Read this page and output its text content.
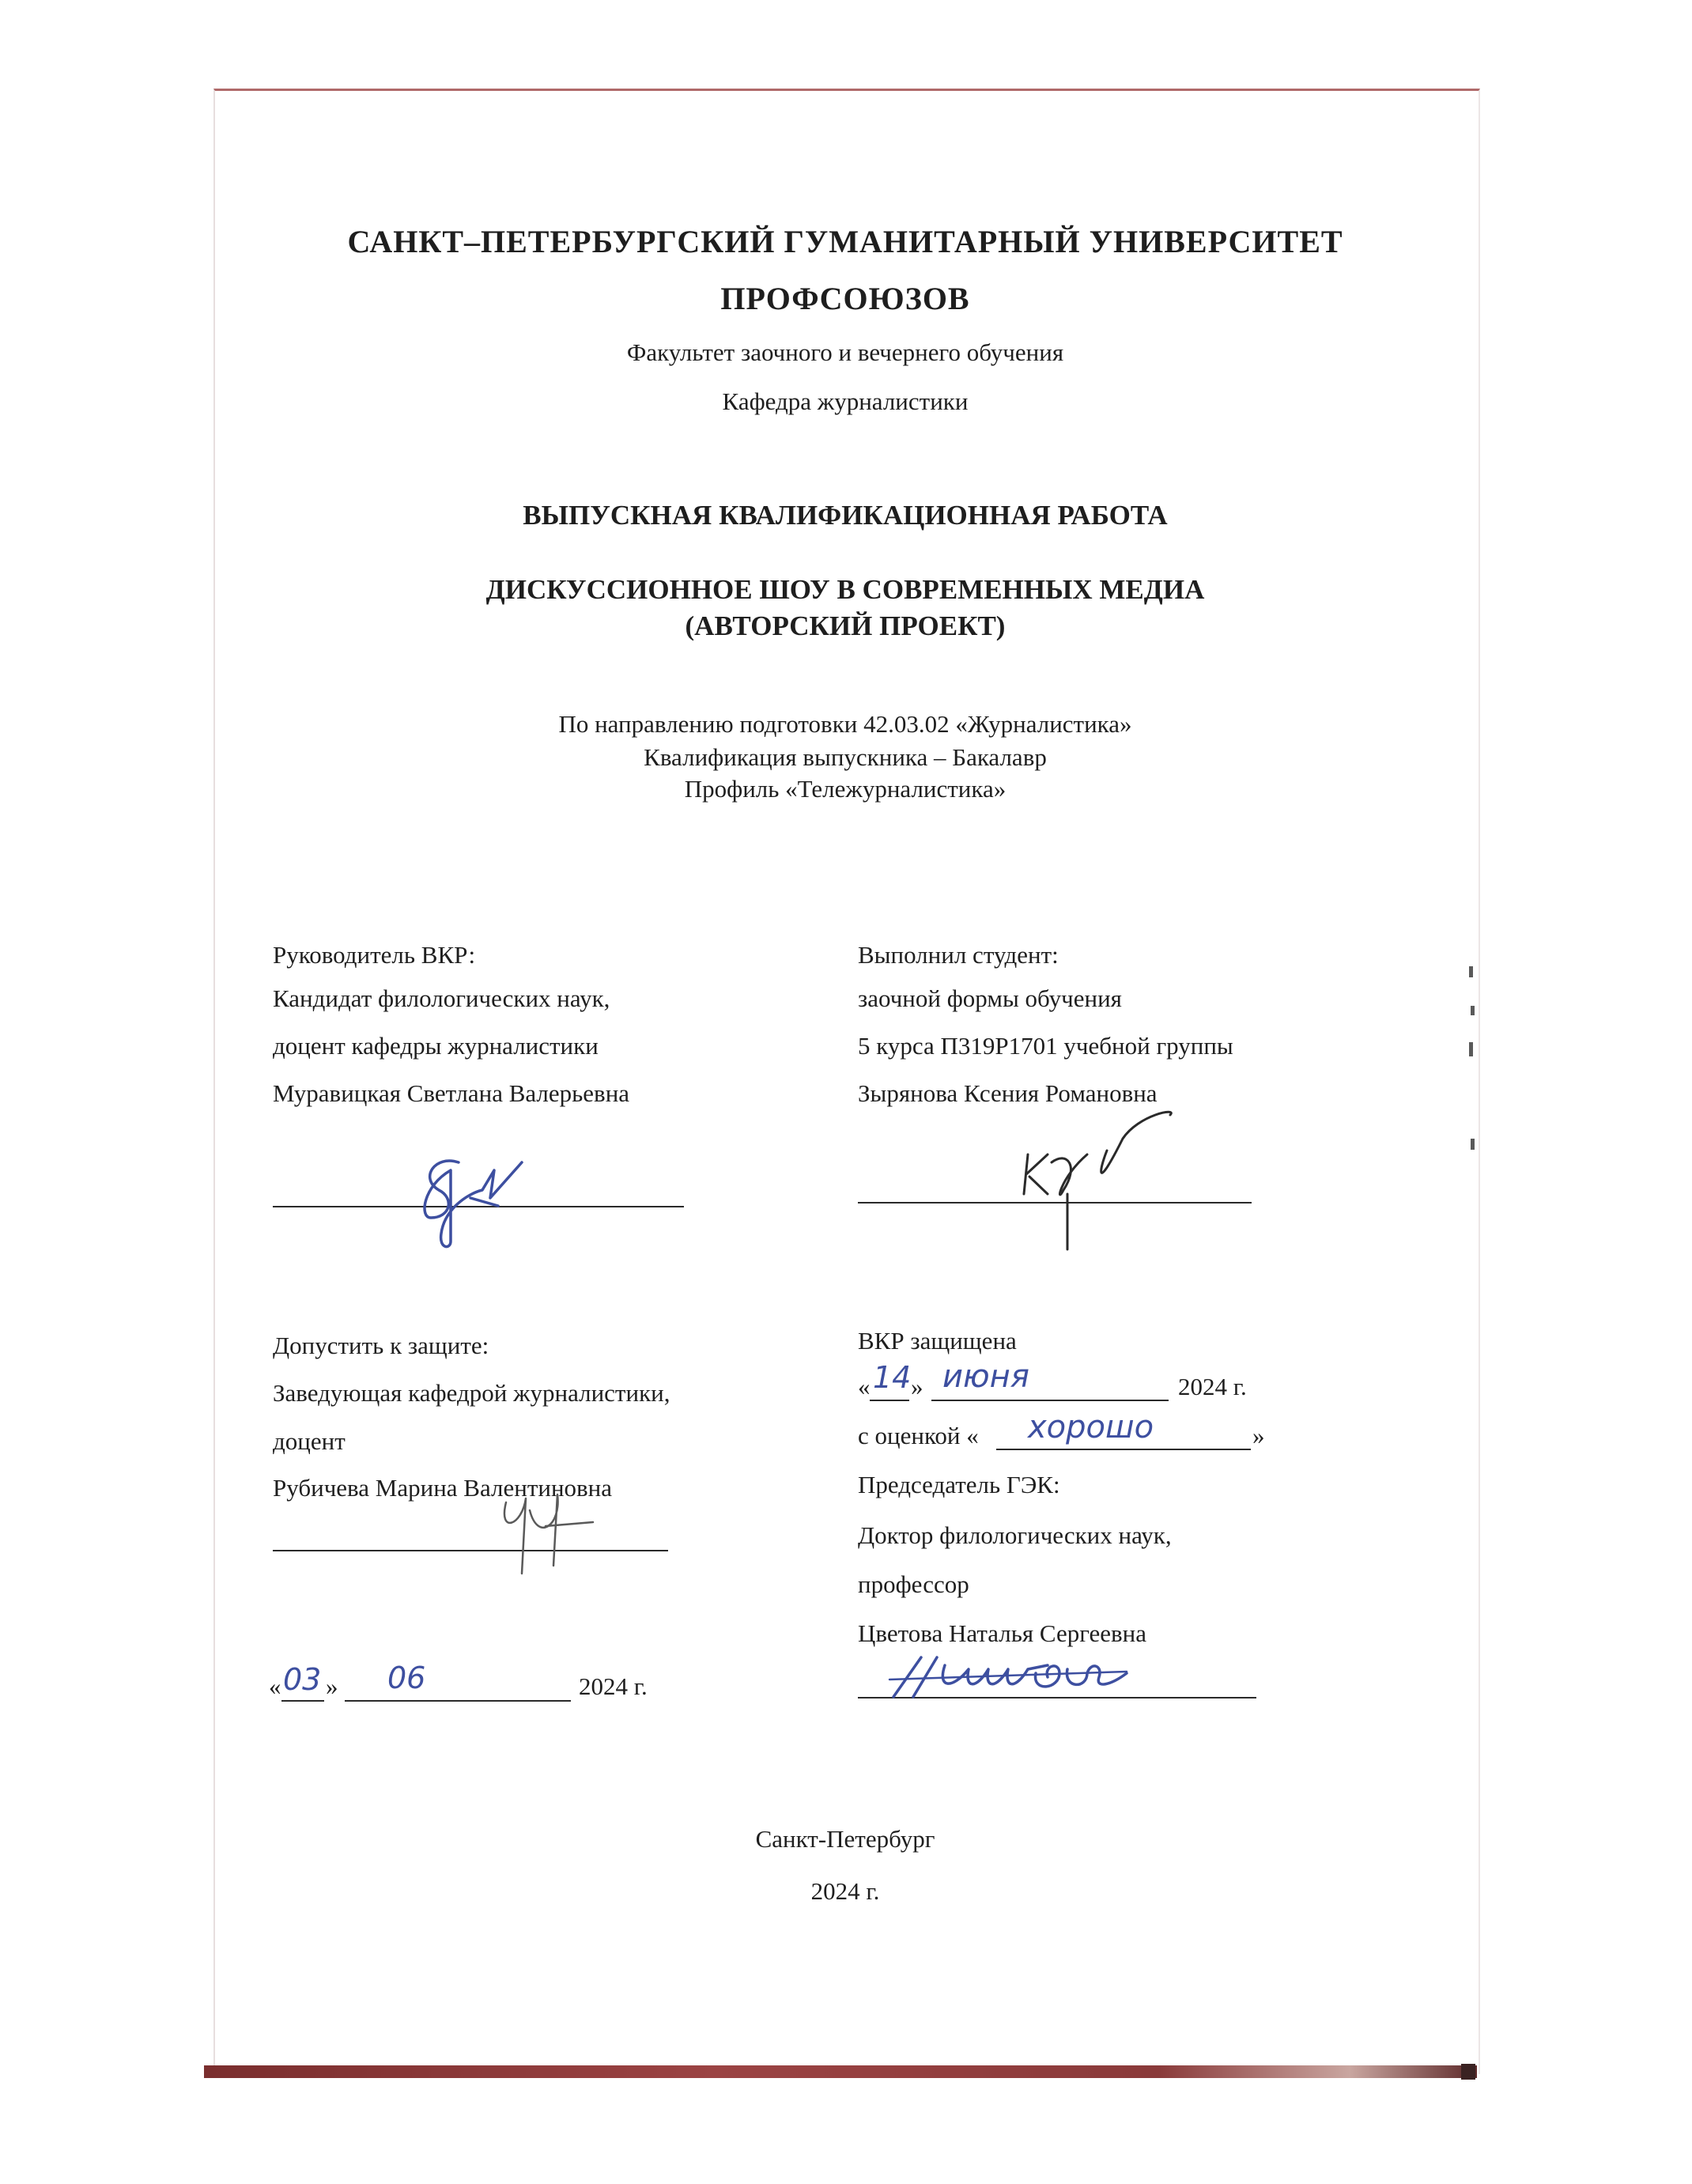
САНКТ–ПЕТЕРБУРГСКИЙ ГУМАНИТАРНЫЙ УНИВЕРСИТЕТ
ПРОФСОЮЗОВ
Факультет заочного и вечернего обучения
Кафедра журналистики
ВЫПУСКНАЯ КВАЛИФИКАЦИОННАЯ РАБОТА
ДИСКУССИОННОЕ ШОУ В СОВРЕМЕННЫХ МЕДИА
(АВТОРСКИЙ ПРОЕКТ)
По направлению подготовки 42.03.02 «Журналистика»
Квалификация выпускника – Бакалавр
Профиль «Тележурналистика»
Руководитель ВКР:
Кандидат филологических наук,
доцент кафедры журналистики
Муравицкая Светлана Валерьевна
Выполнил студент:
заочной формы обучения
5 курса П319Р1701 учебной группы
Зырянова Ксения Романовна
Допустить к защите:
Заведующая кафедрой журналистики,
доцент
Рубичева Марина Валентиновна
« 03 » 06	2024 г.
ВКР защищена
« 14 » июня	2024 г.
с оценкой « хорошо	»
Председатель ГЭК:
Доктор филологических наук,
профессор
Цветова Наталья Сергеевна
Санкт-Петербург
2024 г.
